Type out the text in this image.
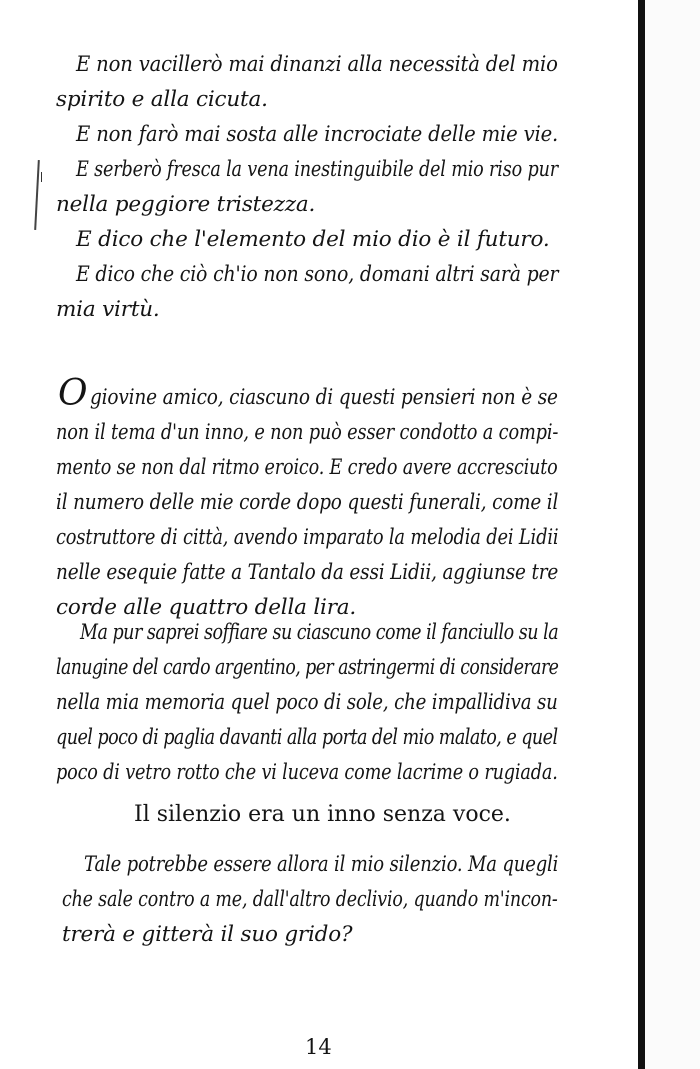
E non vacillerò mai dinanzi alla necessità del mio
spirito e alla cicuta.
E non farò mai sosta alle incrociate delle mie vie.
E serberò fresca la vena inestinguibile del mio riso pur
nella peggiore tristezza.
E dico che l'elemento del mio dio è il futuro.
E dico che ciò ch'io non sono, domani altri sarà per
mia virtù.
O giovine amico, ciascuno di questi pensieri non è se
non il tema d'un inno, e non può esser condotto a compi-
mento se non dal ritmo eroico. E credo avere accresciuto
il numero delle mie corde dopo questi funerali, come il
costruttore di città, avendo imparato la melodia dei Lidii
nelle esequie fatte a Tantalo da essi Lidii, aggiunse tre
corde alle quattro della lira.
Ma pur saprei soffiare su ciascuno come il fanciullo su la
lanugine del cardo argentino, per astringermi di considerare
nella mia memoria quel poco di sole, che impallidiva su
quel poco di paglia davanti alla porta del mio malato, e quel
poco di vetro rotto che vi luceva come lacrime o rugiada.
Il silenzio era un inno senza voce.
Tale potrebbe essere allora il mio silenzio. Ma quegli
che sale contro a me, dall'altro declivio, quando m'incon-
trerà e gitterà il suo grido?
14
